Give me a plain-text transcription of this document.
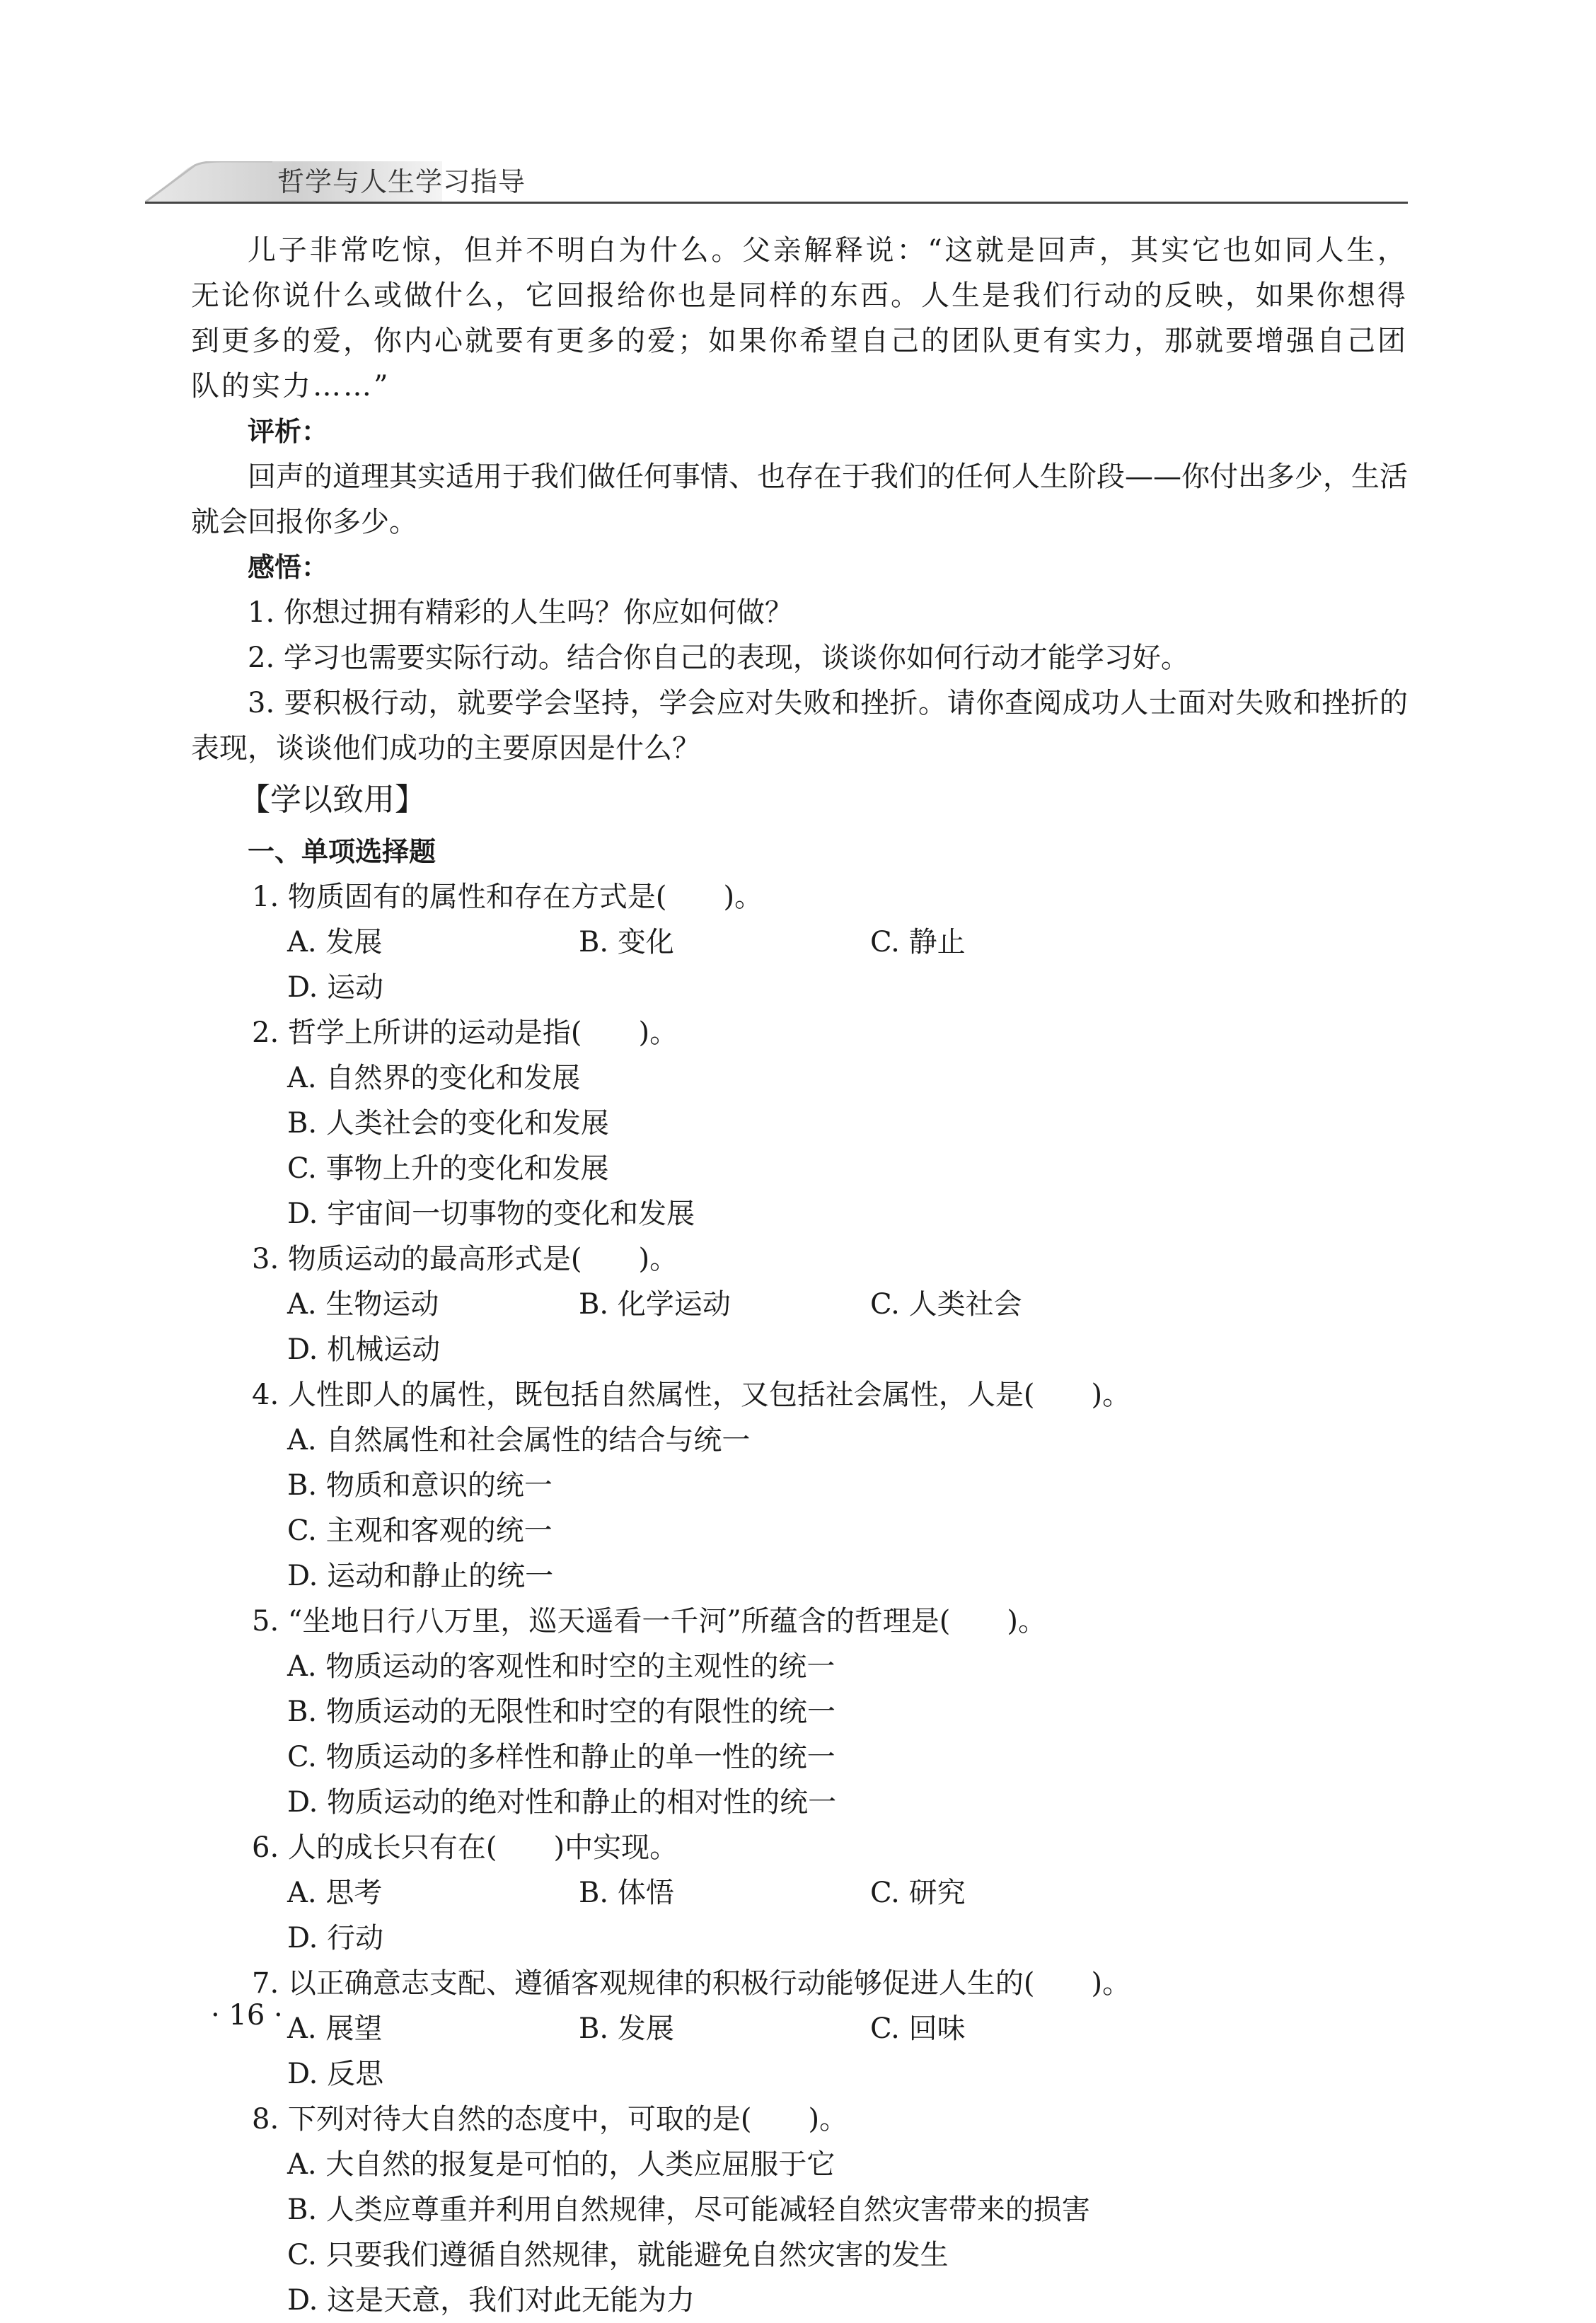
哲学与人生学习指导

儿子非常吃惊，但并不明白为什么。父亲解释说：“这就是回声，其实它也如同人生，无论你说什么或做什么，它回报给你也是同样的东西。人生是我们行动的反映，如果你想得到更多的爱，你内心就要有更多的爱；如果你希望自己的团队更有实力，那就要增强自己团队的实力……”

评析：

回声的道理其实适用于我们做任何事情、也存在于我们的任何人生阶段——你付出多少，生活就会回报你多少。

感悟：

1. 你想过拥有精彩的人生吗？你应如何做？

2. 学习也需要实际行动。结合你自己的表现，谈谈你如何行动才能学习好。

3. 要积极行动，就要学会坚持，学会应对失败和挫折。请你查阅成功人士面对失败和挫折的表现，谈谈他们成功的主要原因是什么？

【学以致用】

一、单项选择题

1. 物质固有的属性和存在方式是(　　)。

A. 发展	B. 变化	C. 静止
D. 运动

2. 哲学上所讲的运动是指(　　)。

A. 自然界的变化和发展
B. 人类社会的变化和发展
C. 事物上升的变化和发展
D. 宇宙间一切事物的变化和发展

3. 物质运动的最高形式是(　　)。

A. 生物运动	B. 化学运动	C. 人类社会
D. 机械运动

4. 人性即人的属性，既包括自然属性，又包括社会属性，人是(　　)。

A. 自然属性和社会属性的结合与统一
B. 物质和意识的统一
C. 主观和客观的统一
D. 运动和静止的统一

5. “坐地日行八万里，巡天遥看一千河”所蕴含的哲理是(　　)。

A. 物质运动的客观性和时空的主观性的统一
B. 物质运动的无限性和时空的有限性的统一
C. 物质运动的多样性和静止的单一性的统一
D. 物质运动的绝对性和静止的相对性的统一

6. 人的成长只有在(　　)中实现。

A. 思考	B. 体悟	C. 研究
D. 行动

7. 以正确意志支配、遵循客观规律的积极行动能够促进人生的(　　)。

A. 展望	B. 发展	C. 回味
D. 反思

8. 下列对待大自然的态度中，可取的是(　　)。

A. 大自然的报复是可怕的，人类应屈服于它
B. 人类应尊重并利用自然规律，尽可能减轻自然灾害带来的损害
C. 只要我们遵循自然规律，就能避免自然灾害的发生
D. 这是天意，我们对此无能为力
· 16 ·
